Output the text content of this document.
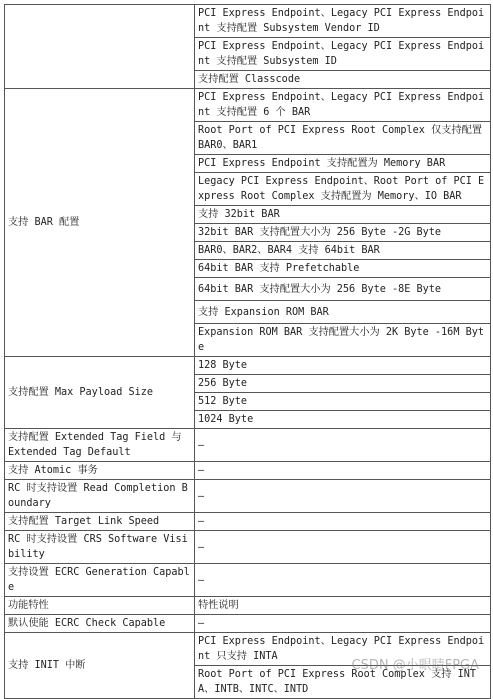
	PCI Express Endpoint、Legacy PCI Express Endpoint 支持配置 Subsystem Vendor ID
	PCI Express Endpoint、Legacy PCI Express Endpoint 支持配置 Subsystem ID
	支持配置 Classcode
支持 BAR 配置	PCI Express Endpoint、Legacy PCI Express Endpoint 支持配置 6 个 BAR
	Root Port of PCI Express Root Complex 仅支持配置 BAR0、BAR1
	PCI Express Endpoint 支持配置为 Memory BAR
	Legacy PCI Express Endpoint、Root Port of PCI Express Root Complex 支持配置为 Memory、IO BAR
	支持 32bit BAR
	32bit BAR 支持配置大小为 256 Byte -2G Byte
	BAR0、BAR2、BAR4 支持 64bit BAR
	64bit BAR 支持 Prefetchable
	64bit BAR 支持配置大小为 256 Byte -8E Byte
	支持 Expansion ROM BAR
	Expansion ROM BAR 支持配置大小为 2K Byte -16M Byte
支持配置 Max Payload Size	128 Byte
	256 Byte
	512 Byte
	1024 Byte
支持配置 Extended Tag Field 与 Extended Tag Default	–
支持 Atomic 事务	–
RC 时支持设置 Read Completion Boundary	–
支持配置 Target Link Speed	–
RC 时支持设置 CRS Software Visibility	–
支持设置 ECRC Generation Capable	–
功能特性	特性说明
默认使能 ECRC Check Capable	–
支持 INIT 中断	PCI Express Endpoint、Legacy PCI Express Endpoint 只支持 INTA
	Root Port of PCI Express Root Complex 支持 INTA、INTB、INTC、INTD
CSDN @小眼睛FPGA
